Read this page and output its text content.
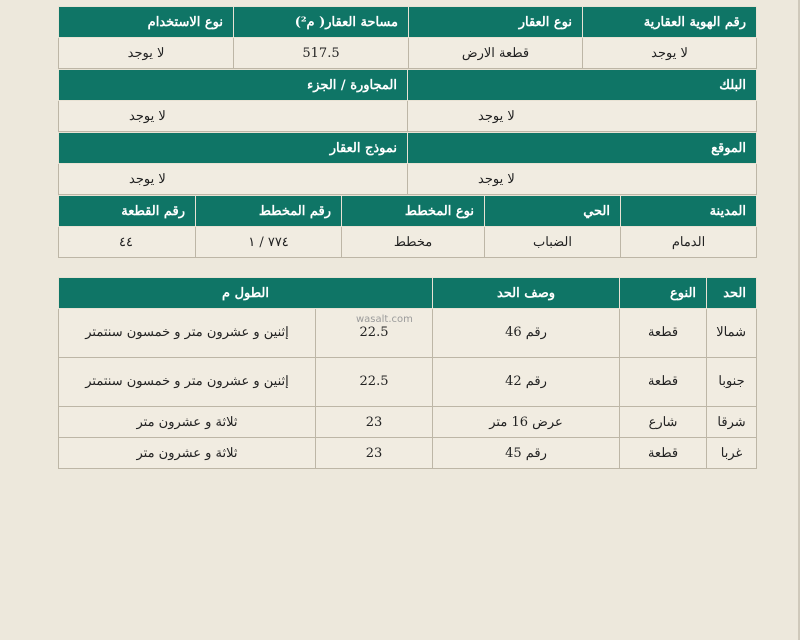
رقم الهوية العقارية	نوع العقار	مساحة العقار( م²)	نوع الاستخدام
لا يوجد	قطعة الارض	517.5	لا يوجد
البلك	المجاورة / الجزء
لا يوجد	لا يوجد
الموقع	نموذج العقار
لا يوجد	لا يوجد
المدينة	الحي	نوع المخطط	رقم المخطط	رقم القطعة
الدمام	الضباب	مخطط	٧٧٤ / ١	٤٤
الحد	النوع	وصف الحد	الطول م	
شمالا	قطعة	رقم 46	22.5	إثنين و عشرون متر و خمسون سنتمتر
جنوبا	قطعة	رقم 42	22.5	إثنين و عشرون متر و خمسون سنتمتر
شرقا	شارع	عرض 16 متر	23	ثلاثة و عشرون متر
غربا	قطعة	رقم 45	23	ثلاثة و عشرون متر
wasalt.com
